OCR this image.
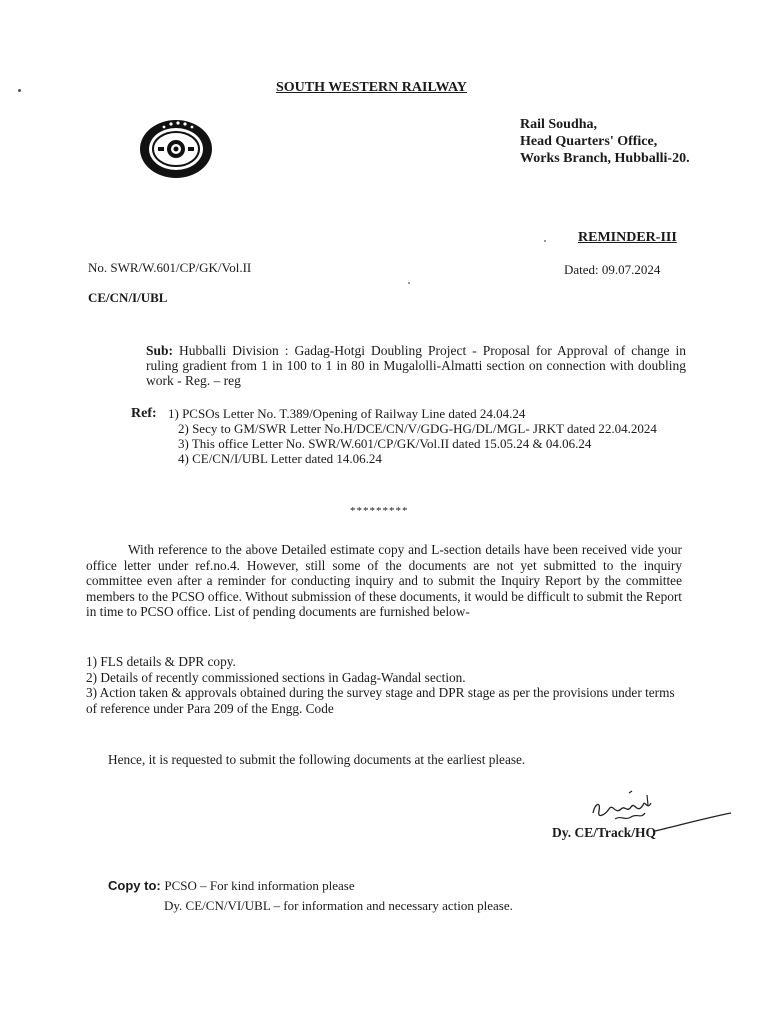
SOUTH WESTERN RAILWAY
Rail Soudha,
Head Quarters' Office,
Works Branch, Hubballi-20.
REMINDER-III
No. SWR/W.601/CP/GK/Vol.II	Dated: 09.07.2024
CE/CN/I/UBL
Sub: Hubballi Division : Gadag-Hotgi Doubling Project - Proposal for Approval of change in ruling gradient from 1 in 100 to 1 in 80 in Mugalolli-Almatti section on connection with doubling work - Reg. – reg
Ref: 1) PCSOs Letter No. T.389/Opening of Railway Line dated 24.04.24
2) Secy to GM/SWR Letter No.H/DCE/CN/V/GDG-HG/DL/MGL- JRKT dated 22.04.2024
3) This office Letter No. SWR/W.601/CP/GK/Vol.II dated 15.05.24 & 04.06.24
4) CE/CN/I/UBL Letter dated 14.06.24
*********
With reference to the above Detailed estimate copy and L-section details have been received vide your office letter under ref.no.4. However, still some of the documents are not yet submitted to the inquiry committee even after a reminder for conducting inquiry and to submit the Inquiry Report by the committee members to the PCSO office. Without submission of these documents, it would be difficult to submit the Report in time to PCSO office. List of pending documents are furnished below-
1) FLS details & DPR copy.
2) Details of recently commissioned sections in Gadag-Wandal section.
3) Action taken & approvals obtained during the survey stage and DPR stage as per the provisions under terms of reference under Para 209 of the Engg. Code
Hence, it is requested to submit the following documents at the earliest please.
Dy. CE/Track/HQ
Copy to: PCSO – For kind information please
Dy. CE/CN/VI/UBL – for information and necessary action please.
